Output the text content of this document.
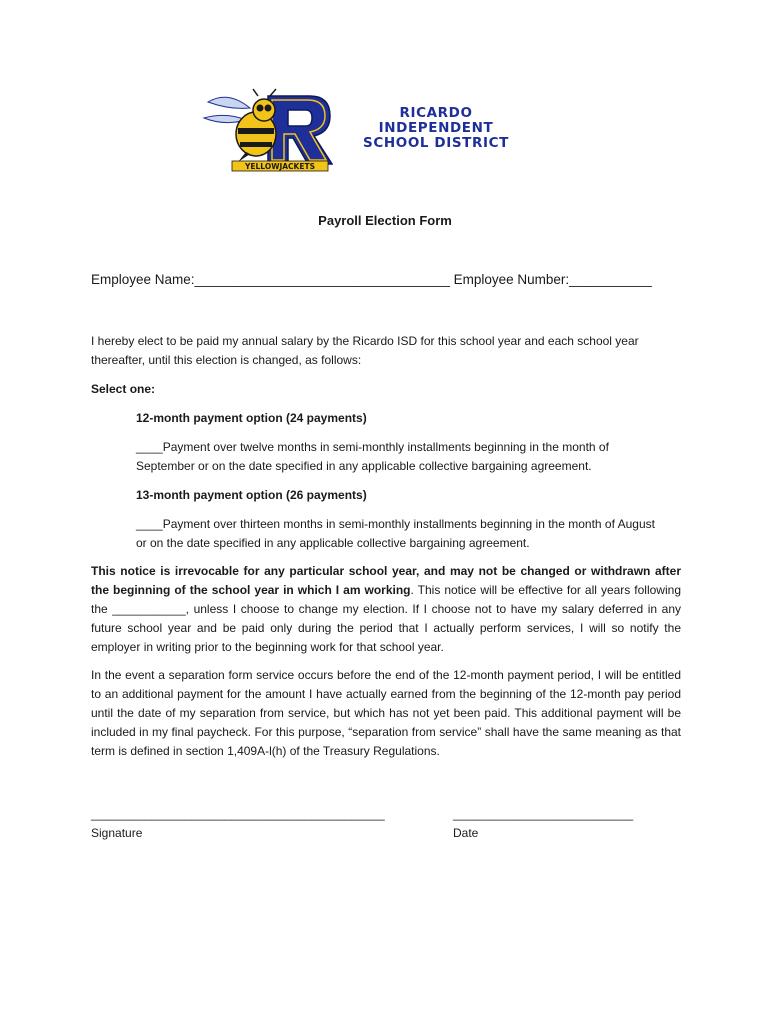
YELLOWJACKETS
RICARDO
INDEPENDENT
SCHOOL DISTRICT
Payroll Election Form
Employee Name:__________________________________ Employee Number:___________
I hereby elect to be paid my annual salary by the Ricardo ISD for this school year and each school year thereafter, until this election is changed, as follows:
Select one:
12-month payment option (24 payments)
____Payment over twelve months in semi-monthly installments beginning in the month of September or on the date specified in any applicable collective bargaining agreement.
13-month payment option (26 payments)
____Payment over thirteen months in semi-monthly installments beginning in the month of August or on the date specified in any applicable collective bargaining agreement.
This notice is irrevocable for any particular school year, and may not be changed or withdrawn after the beginning of the school year in which I am working. This notice will be effective for all years following the ___________, unless I choose to change my election. If I choose not to have my salary deferred in any future school year and be paid only during the period that I actually perform services, I will so notify the employer in writing prior to the beginning work for that school year.
In the event a separation form service occurs before the end of the 12-month payment period, I will be entitled to an additional payment for the amount I have actually earned from the beginning of the 12-month pay period until the date of my separation from service, but which has not yet been paid. This additional payment will be included in my final paycheck. For this purpose, “separation from service” shall have the same meaning as that term is defined in section 1,409A-l(h) of the Treasury Regulations.
____________________________________________
Signature
___________________________
Date
